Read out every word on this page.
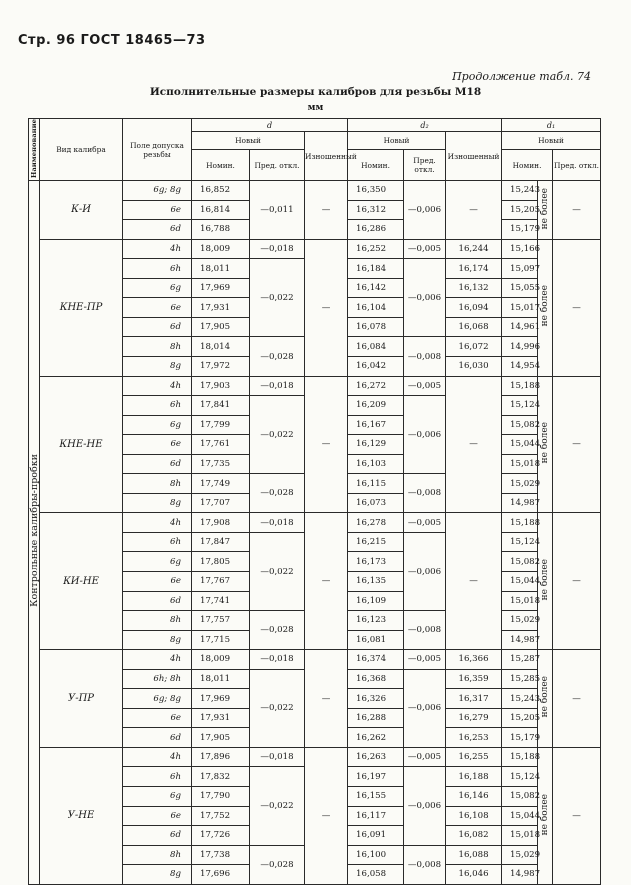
Стр. 96 ГОСТ 18465—73
Продолжение табл. 74
Исполнительные размеры калибров для резьбы М18
мм
Наименование	Вид калибра	Поле допуска резьбы	d			d₂			d₁			
			Новый		Изношенный	Новый		Изношенный	Новый	
			Номин.	Пред. откл.		Номин.	Пред. откл.		Номин.		Пред. откл.	
Контрольные калибры-пробки	К-И	6g; 8g	16,852	—0,011	—	16,350	—0,006	—	15,243	не более	—	
		6e	16,814			16,312			15,205			
		6d	16,788			16,286			15,179			
	КНЕ-ПР	4h	18,009	—0,018	—	16,252	—0,005	16,244	15,166	не более	—	
		6h	18,011	—0,022		16,184	—0,006	16,174	15,097			
		6g	17,969			16,142		16,132	15,055			
		6e	17,931			16,104		16,094	15,017			
		6d	17,905			16,078		16,068	14,961			
		8h	18,014	—0,028		16,084	—0,008	16,072	14,996			
		8g	17,972			16,042		16,030	14,954			
	КНЕ-НЕ	4h	17,903	—0,018	—	16,272	—0,005	—	15,188	не более	—	
		6h	17,841	—0,022		16,209	—0,006		15,124			
		6g	17,799			16,167			15,082			
		6e	17,761			16,129			15,044			
		6d	17,735			16,103			15,018			
		8h	17,749	—0,028		16,115	—0,008		15,029			
		8g	17,707			16,073			14,987			
	КИ-НЕ	4h	17,908	—0,018	—	16,278	—0,005	—	15,188	не более	—	
		6h	17,847	—0,022		16,215	—0,006		15,124			
		6g	17,805			16,173			15,082			
		6e	17,767			16,135			15,044			
		6d	17,741			16,109			15,018			
		8h	17,757	—0,028		16,123	—0,008		15,029			
		8g	17,715			16,081			14,987			
	У-ПР	4h	18,009	—0,018	—	16,374	—0,005	16,366	15,287	не более	—	
		6h; 8h	18,011	—0,022		16,368	—0,006	16,359	15,285			
		6g; 8g	17,969			16,326		16,317	15,243			
		6e	17,931			16,288		16,279	15,205			
		6d	17,905			16,262		16,253	15,179			
	У-НЕ	4h	17,896	—0,018	—	16,263	—0,005	16,255	15,188	не более	—	
		6h	17,832	—0,022		16,197	—0,006	16,188	15,124			
		6g	17,790			16,155		16,146	15,082			
		6e	17,752			16,117		16,108	15,044			
		6d	17,726			16,091		16,082	15,018			
		8h	17,738	—0,028		16,100	—0,008	16,088	15,029			
		8g	17,696			16,058		16,046	14,987			
